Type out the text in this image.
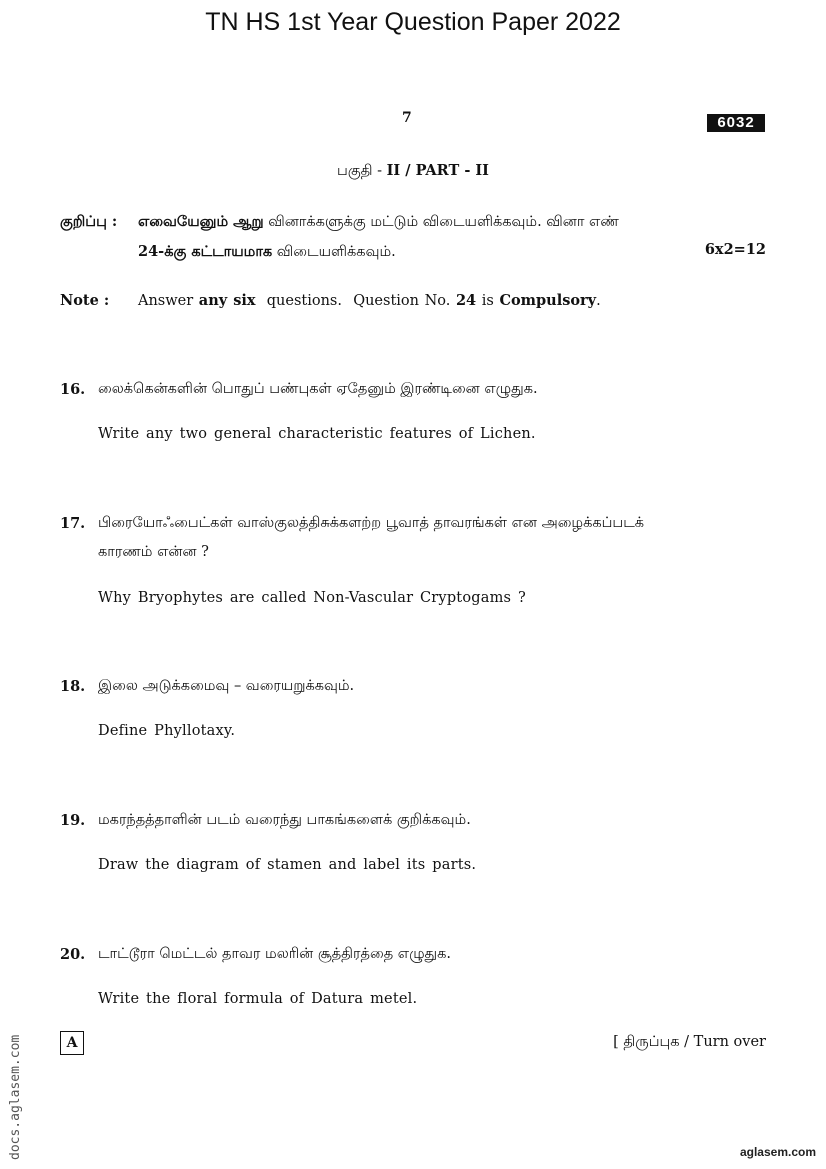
TN HS 1st Year Question Paper 2022
7	6032
பகுதி - II / PART - II
குறிப்பு : எவையேனும் ஆறு வினாக்களுக்கு மட்டும் விடையளிக்கவும். வினா எண்
24-க்கு கட்டாயமாக விடையளிக்கவும்.	6x2=12
Note : Answer any six  questions.  Question No. 24 is Compulsory.
16. லைக்கென்களின் பொதுப் பண்புகள் ஏதேனும் இரண்டினை எழுதுக.
Write any two general characteristic features of Lichen.
17. பிரையோஃபைட்கள் வாஸ்குலத்திசுக்களற்ற பூவாத் தாவரங்கள் என அழைக்கப்படக்
காரணம் என்ன ?
Why Bryophytes are called Non-Vascular Cryptogams ?
18. இலை அடுக்கமைவு – வரையறுக்கவும்.
Define Phyllotaxy.
19. மகரந்தத்தாளின் படம் வரைந்து பாகங்களைக் குறிக்கவும்.
Draw the diagram of stamen and label its parts.
20. டாட்டூரா மெட்டல் தாவர மலரின் சூத்திரத்தை எழுதுக.
Write the floral formula of Datura metel.
A	[ திருப்புக / Turn over
docs.aglasem.com	aglasem.com
